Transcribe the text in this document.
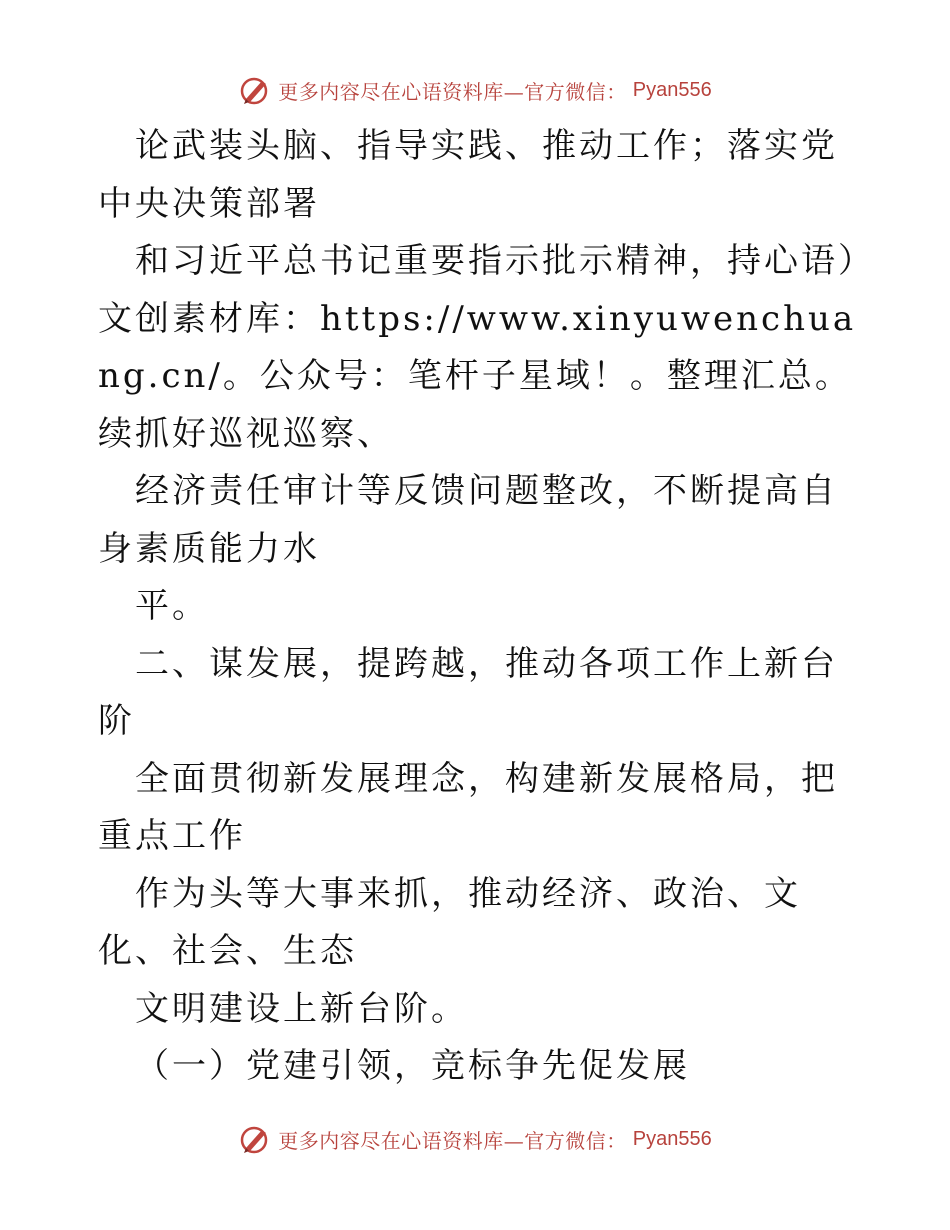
更多内容尽在心语资料库—官方微信： Pyan556

论武装头脑、指导实践、推动工作；落实党中央决策部署

和习近平总书记重要指示批示精神，持心语）文创素材库：https://www.xinyuwenchuang.cn/。公众号：笔杆子星域！。整理汇总。续抓好巡视巡察、

经济责任审计等反馈问题整改，不断提高自身素质能力水

平。

二、谋发展，提跨越，推动各项工作上新台阶

全面贯彻新发展理念，构建新发展格局，把重点工作

作为头等大事来抓，推动经济、政治、文化、社会、生态

文明建设上新台阶。

（一）党建引领，竞标争先促发展

更多内容尽在心语资料库—官方微信： Pyan556
